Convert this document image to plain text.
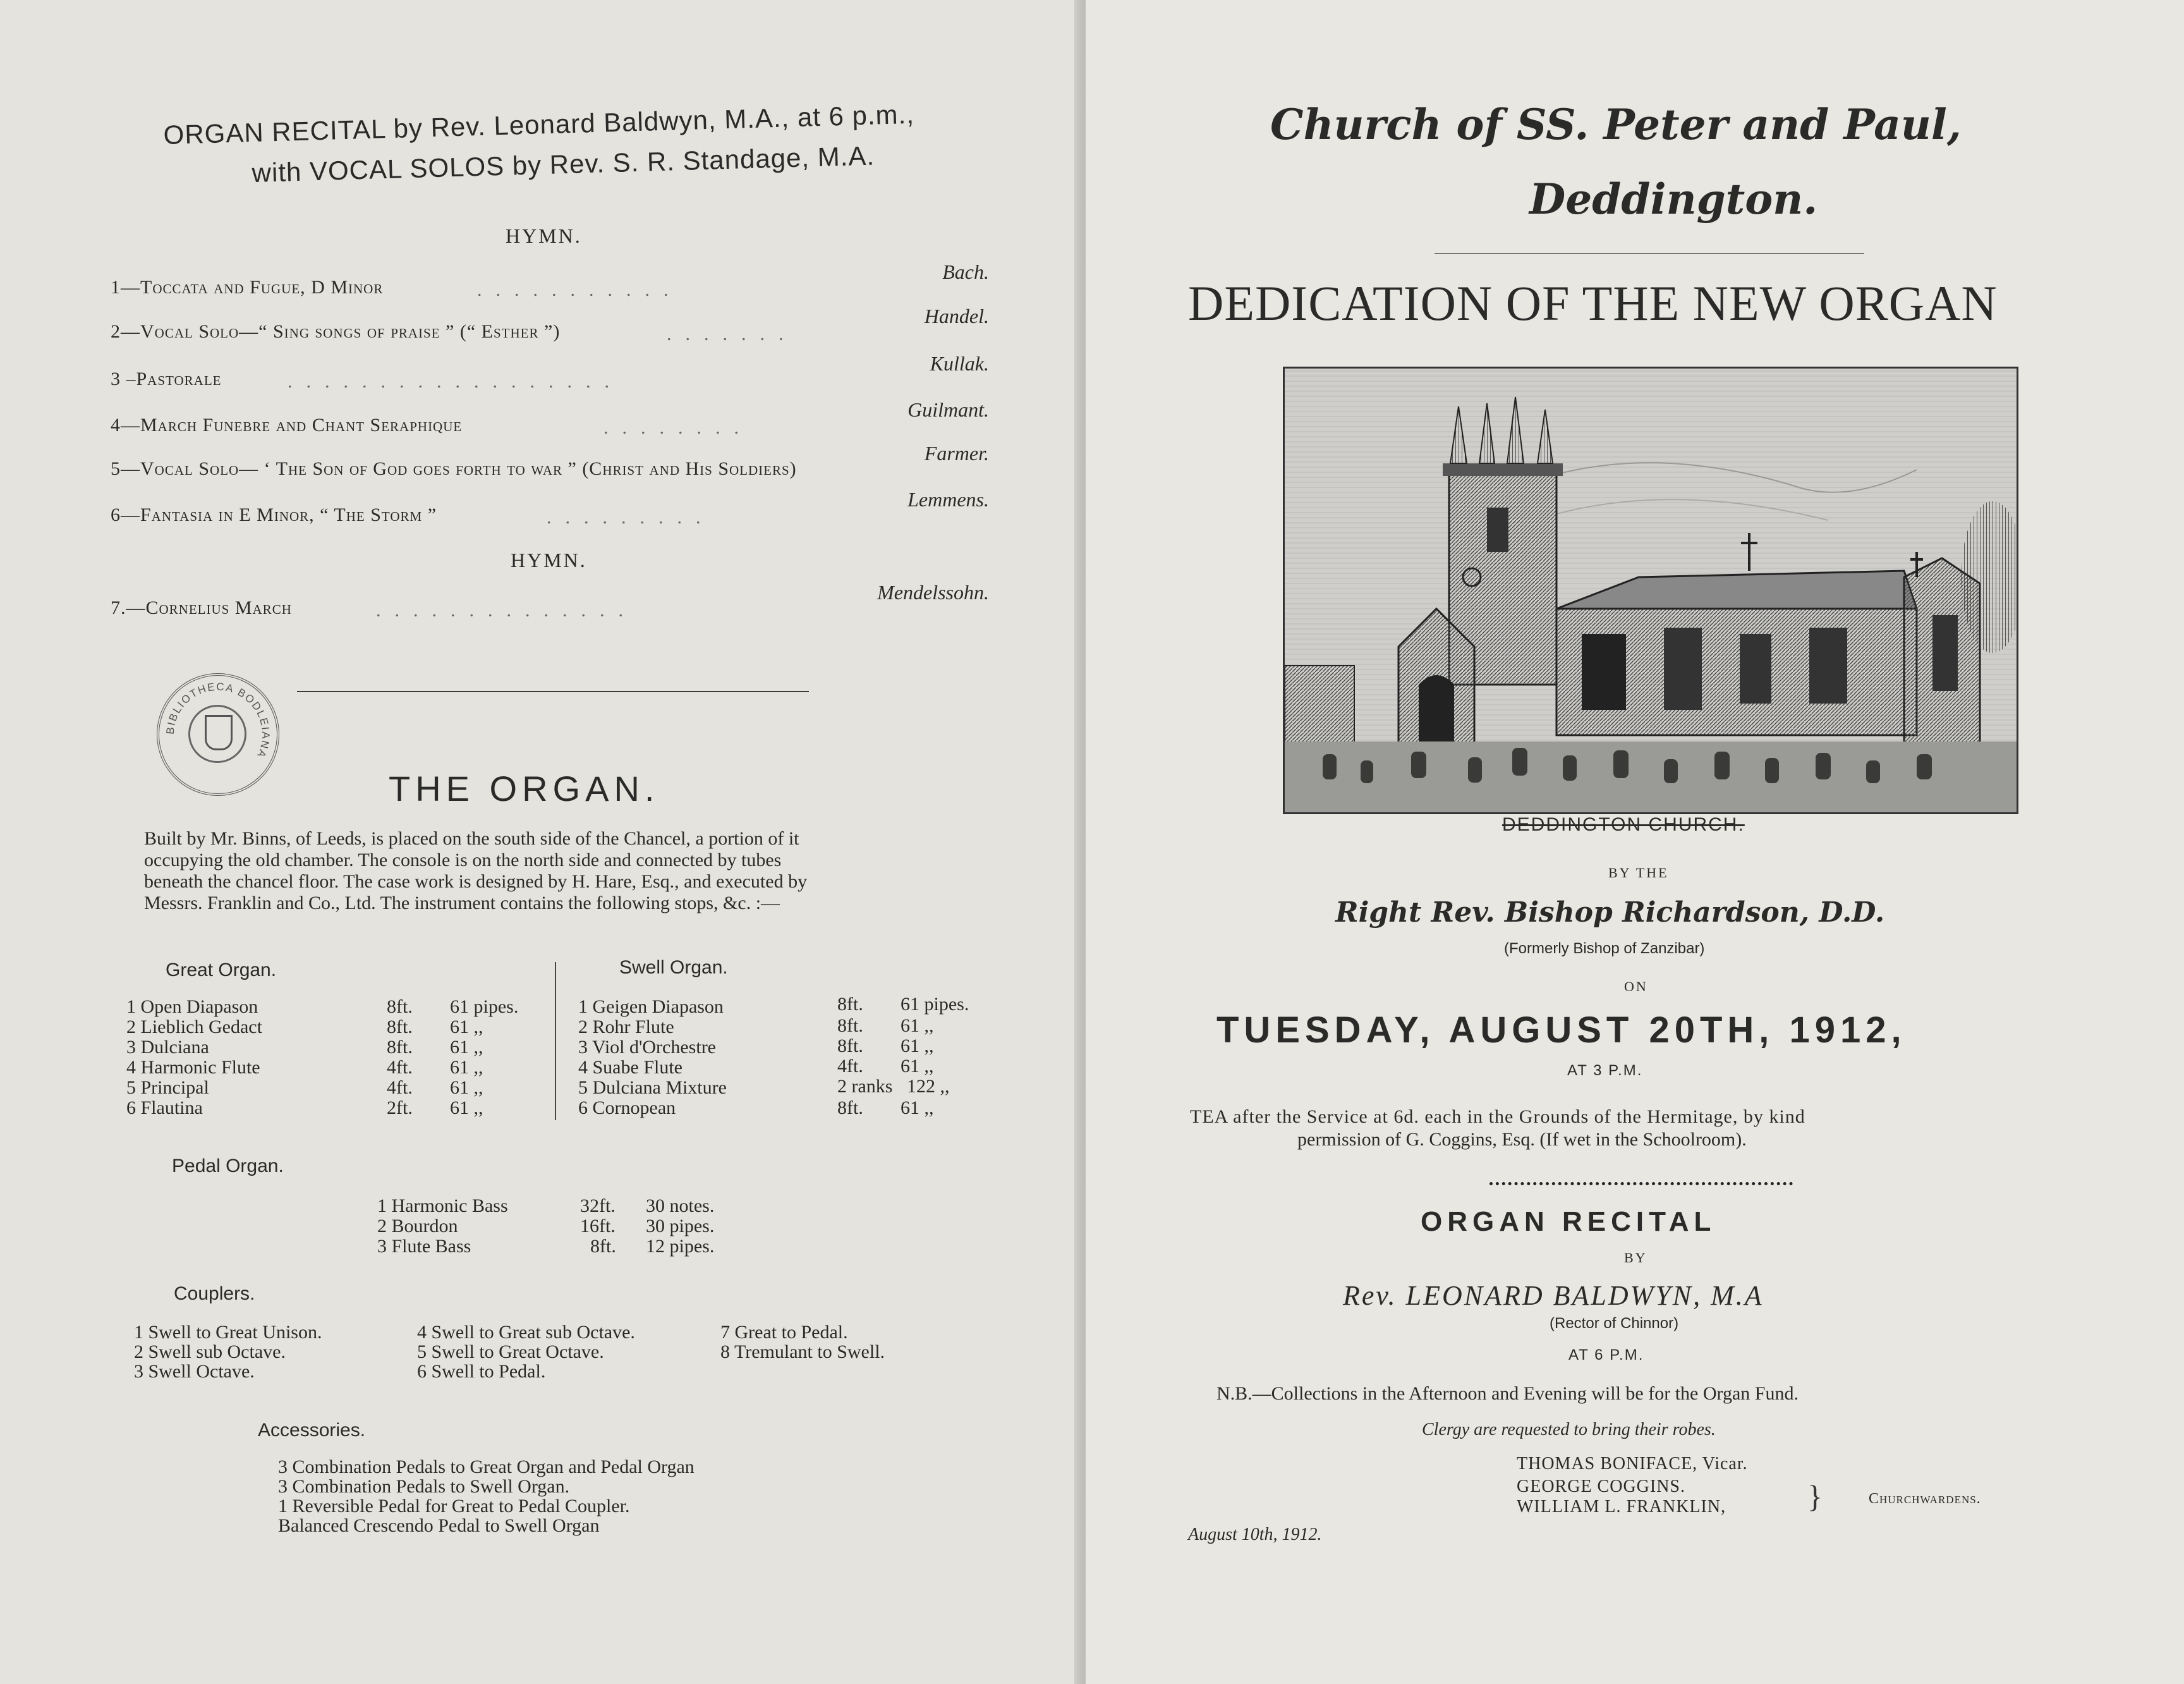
ORGAN RECITAL by Rev. Leonard Baldwyn, M.A., at 6 p.m.,
with VOCAL SOLOS by Rev. S. R. Standage, M.A.
HYMN.
1—Toccata and Fugue, D Minor	...........
Bach.
2—Vocal Solo—“ Sing songs of praise ” (“ Esther ”)	.......
Handel.
3 –Pastorale	..................
Kullak.
4—March Funebre and Chant Seraphique	........
Guilmant.
5—Vocal Solo— ‘ The Son of God goes forth to war ” (Christ and His Soldiers)
Farmer.
6—Fantasia in E Minor, “ The Storm ”	.........
Lemmens.
HYMN.
7.—Cornelius March	..............
Mendelssohn.
BIBLIOTHECA BODLEIANA
THE ORGAN.
Built by Mr. Binns, of Leeds, is placed on the south side of the Chancel, a portion of it
occupying the old chamber. The console is on the north side and connected by tubes
beneath the chancel floor. The case work is designed by H. Hare, Esq., and executed by
Messrs. Franklin and Co., Ltd. The instrument contains the following stops, &c. :—
Great Organ.
1 Open Diapason	8ft. 61 pipes.
2 Lieblich Gedact	8ft. 61 ,,
3 Dulciana	8ft. 61 ,,
4 Harmonic Flute	4ft. 61 ,,
5 Principal	4ft. 61 ,,
6 Flautina	2ft. 61 ,,
Swell Organ.
1 Geigen Diapason	8ft. 61 pipes.
2 Rohr Flute	8ft. 61 ,,
3 Viol d'Orchestre	8ft. 61 ,,
4 Suabe Flute	4ft. 61 ,,
5 Dulciana Mixture	2 ranks 122 ,,
6 Cornopean	8ft. 61 ,,
Pedal Organ.
1 Harmonic Bass	32ft. 30 notes.
2 Bourdon	16ft. 30 pipes.
3 Flute Bass	8ft. 12 pipes.
Couplers.
1 Swell to Great Unison.
2 Swell sub Octave.
3 Swell Octave.
4 Swell to Great sub Octave.
5 Swell to Great Octave.
6 Swell to Pedal.
7 Great to Pedal.
8 Tremulant to Swell.
Accessories.
3 Combination Pedals to Great Organ and Pedal Organ
3 Combination Pedals to Swell Organ.
1 Reversible Pedal for Great to Pedal Coupler.
Balanced Crescendo Pedal to Swell Organ
Church of SS. Peter and Paul,
Deddington.
DEDICATION OF THE NEW ORGAN
DEDDINGTON CHURCH.
BY THE
Right Rev. Bishop Richardson, D.D.
(Formerly Bishop of Zanzibar)
ON
TUESDAY, AUGUST 20TH, 1912,
AT 3 P.M.
TEA after the Service at 6d. each in the Grounds of the Hermitage, by kind
permission of G. Coggins, Esq. (If wet in the Schoolroom).
ORGAN RECITAL
BY
Rev. LEONARD BALDWYN, M.A
(Rector of Chinnor)
AT 6 P.M.
N.B.—Collections in the Afternoon and Evening will be for the Organ Fund.
Clergy are requested to bring their robes.
THOMAS BONIFACE, Vicar.
GEORGE COGGINS.
WILLIAM L. FRANKLIN,	}	Churchwardens.
August 10th, 1912.
